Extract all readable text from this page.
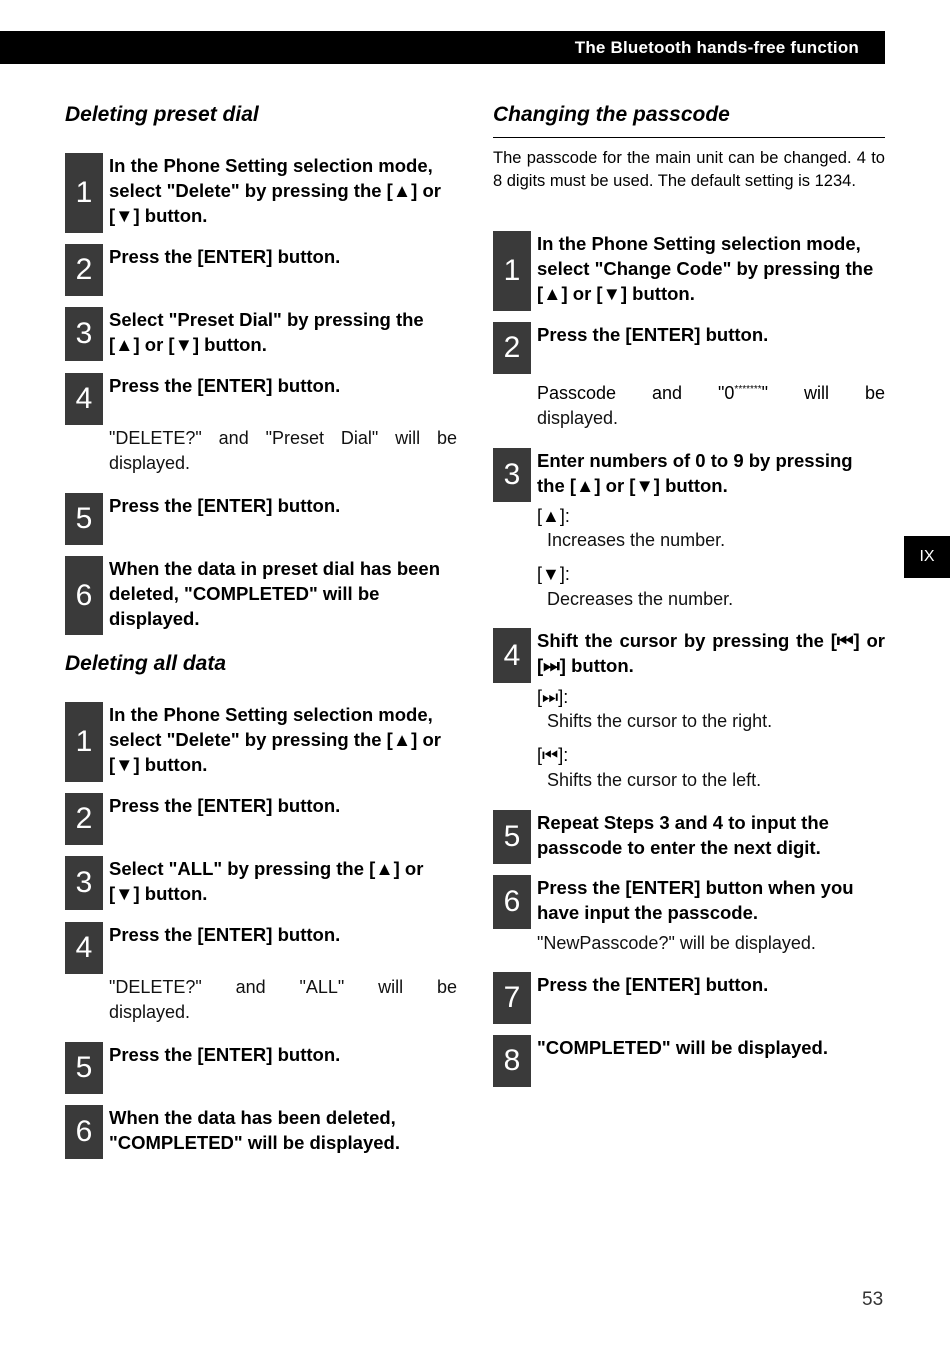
The Bluetooth hands-free function
IX
53
Deleting preset dial
1
In the Phone Setting selection mode, select "Delete" by pressing the [▲] or [▼] button.
2 Press the [ENTER] button.
3 Select "Preset Dial" by pressing the [▲] or [▼] button.
4 Press the [ENTER] button.
"DELETE?" and "Preset Dial" will be
displayed.
5 Press the [ENTER] button.
6
When the data in preset dial has been deleted, "COMPLETED" will be displayed.
Deleting all data
1
In the Phone Setting selection mode, select "Delete" by pressing the [▲] or [▼] button.
2 Press the [ENTER] button.
3 Select "ALL" by pressing the [▲] or [▼] button.
4 Press the [ENTER] button.
"DELETE?" and "ALL" will be
displayed.
5 Press the [ENTER] button.
6 When the data has been deleted, "COMPLETED" will be displayed.
Changing the passcode
The passcode for the main unit can be changed. 4 to 8 digits must be used. The default setting is 1234.
1
In the Phone Setting selection mode, select "Change Code" by pressing the [▲] or [▼] button.
2 Press the [ENTER] button.
Passcode and "0*******" will be
displayed.
3 Enter numbers of 0 to 9 by pressing the [▲] or [▼] button.
[▲]:
Increases the number.
[▼]:
Decreases the number.
4 Shift the cursor by pressing the [⏮] or [⏭] button.
[⏭]:
Shifts the cursor to the right.
[⏮]:
Shifts the cursor to the left.
5 Repeat Steps 3 and 4 to input the passcode to enter the next digit.
6 Press the [ENTER] button when you have input the passcode.
"NewPasscode?" will be displayed.
7 Press the [ENTER] button.
8 "COMPLETED" will be displayed.
